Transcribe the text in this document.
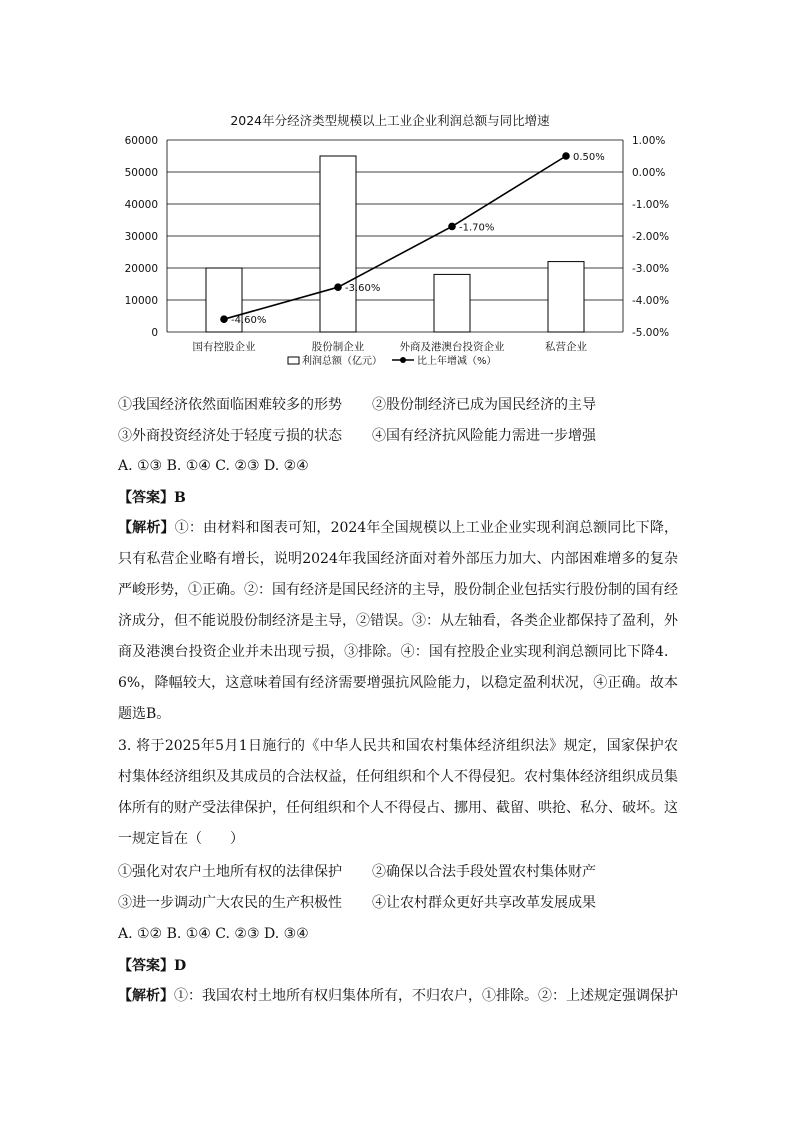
2024年分经济类型规模以上工业企业利润总额与同比增速
0
10000
20000
30000
40000
50000
60000
-5.00%
-4.00%
-3.00%
-2.00%
-1.00%
0.00%
1.00%
国有控股企业	股份制企业	外商及港澳台投资企业	私营企业
-4.60%
-3.60%
-1.70%
0.50%
利润总额（亿元）	比上年增减（%）
①我国经济依然面临困难较多的形势 ②股份制经济已成为国民经济的主导
③外商投资经济处于轻度亏损的状态 ④国有经济抗风险能力需进一步增强
A. ①③ B. ①④ C. ②③ D. ②④
【答案】B

【解析】①：由材料和图表可知，2024年全国规模以上工业企业实现利润总额同比下降，只有私营企业略有增长，说明2024年我国经济面对着外部压力加大、内部困难增多的复杂严峻形势，①正确。②：国有经济是国民经济的主导，股份制企业包括实行股份制的国有经济成分，但不能说股份制经济是主导，②错误。③：从左轴看，各类企业都保持了盈利，外商及港澳台投资企业并未出现亏损，③排除。④：国有控股企业实现利润总额同比下降4．6%，降幅较大，这意味着国有经济需要增强抗风险能力，以稳定盈利状况，④正确。故本题选B。

3. 将于2025年5月1日施行的《中华人民共和国农村集体经济组织法》规定，国家保护农村集体经济组织及其成员的合法权益，任何组织和个人不得侵犯。农村集体经济组织成员集体所有的财产受法律保护，任何组织和个人不得侵占、挪用、截留、哄抢、私分、破坏。这一规定旨在（　　）

①强化对农户土地所有权的法律保护 ②确保以合法手段处置农村集体财产
③进一步调动广大农民的生产积极性 ④让农村群众更好共享改革发展成果
A. ①② B. ①④ C. ②③ D. ③④
【答案】D

【解析】①：我国农村土地所有权归集体所有，不归农户，①排除。②：上述规定强调保护
